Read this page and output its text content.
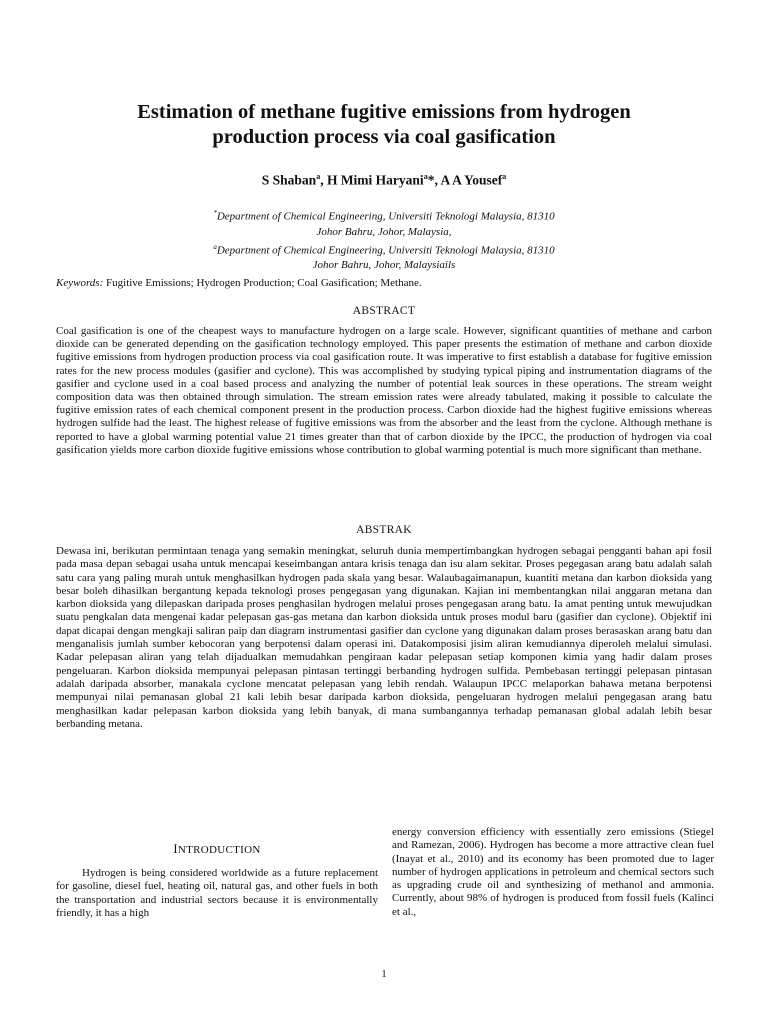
Estimation of methane fugitive emissions from hydrogen
production process via coal gasification
S Shaban$^a$, H Mimi Haryani$^a$*, A A Yousef$^a$
*Department of Chemical Engineering, Universiti Teknologi Malaysia, 81310
Johor Bahru, Johor, Malaysia,
$^a$Department of Chemical Engineering, Universiti Teknologi Malaysia, 81310
Johor Bahru, Johor, Malaysiails
Keywords: Fugitive Emissions; Hydrogen Production; Coal Gasification; Methane.
ABSTRACT

Coal gasification is one of the cheapest ways to manufacture hydrogen on a large scale. However, significant quantities of methane and carbon dioxide can be generated depending on the gasification technology employed. This paper presents the estimation of methane and carbon dioxide fugitive emissions from hydrogen production process via coal gasification route. It was imperative to first establish a database for fugitive emission rates for the new process modules (gasifier and cyclone). This was accomplished by studying typical piping and instrumentation diagrams of the gasifier and cyclone used in a coal based process and analyzing the number of potential leak sources in these operations. The stream weight composition data was then obtained through simulation. The stream emission rates were already tabulated, making it possible to calculate the fugitive emission rates of each chemical component present in the production process. Carbon dioxide had the highest fugitive emissions whereas hydrogen sulfide had the least. The highest release of fugitive emissions was from the absorber and the least from the cyclone. Although methane is reported to have a global warming potential value 21 times greater than that of carbon dioxide by the IPCC, the production of hydrogen via coal gasification yields more carbon dioxide fugitive emissions whose contribution to global warming potential is much more significant than methane.

ABSTRAK

Dewasa ini, berikutan permintaan tenaga yang semakin meningkat, seluruh dunia mempertimbangkan hydrogen sebagai pengganti bahan api fosil pada masa depan sebagai usaha untuk mencapai keseimbangan antara krisis tenaga dan isu alam sekitar. Proses pegegasan arang batu adalah salah satu cara yang paling murah untuk menghasilkan hydrogen pada skala yang besar. Walaubagaimanapun, kuantiti metana dan karbon dioksida yang besar boleh dihasilkan bergantung kepada teknologi proses pengegasan yang digunakan. Kajian ini membentangkan nilai anggaran metana dan karbon dioksida yang dilepaskan daripada proses penghasilan hydrogen melalui proses pengegasan arang batu. Ia amat penting untuk mewujudkan suatu pengkalan data mengenai kadar pelepasan gas-gas metana dan karbon dioksida untuk proses modul baru (gasifier dan cyclone). Objektif ini dapat dicapai dengan mengkaji saliran paip dan diagram instrumentasi gasifier dan cyclone yang digunakan dalam proses berasaskan arang batu dan menganalisis jumlah sumber kebocoran yang berpotensi dalam operasi ini. Datakomposisi jisim aliran kemudiannya diperoleh melalui simulasi. Kadar pelepasan aliran yang telah dijadualkan memudahkan pengiraan kadar pelepasan setiap komponen kimia yang hadir dalam proses pengeluaran. Karbon dioksida mempunyai pelepasan pintasan tertinggi berbanding hydrogen sulfida. Pembebasan tertinggi pelepasan pintasan adalah daripada absorber, manakala cyclone mencatat pelepasan yang lebih rendah. Walaupun IPCC melaporkan bahawa metana berpotensi mempunyai nilai pemanasan global 21 kali lebih besar daripada karbon dioksida, pengeluaran hydrogen melalui pengegasan arang batu menghasilkan kadar pelepasan karbon dioksida yang lebih banyak, di mana sumbangannya terhadap pemanasan global adalah lebih besar berbanding metana.

INTRODUCTION

Hydrogen is being considered worldwide as a future replacement for gasoline, diesel fuel, heating oil, natural gas, and other fuels in both the transportation and industrial sectors because it is environmentally friendly, it has a high

energy conversion efficiency with essentially zero emissions (Stiegel and Ramezan, 2006). Hydrogen has become a more attractive clean fuel (Inayat et al., 2010) and its economy has been promoted due to lager number of hydrogen applications in petroleum and chemical sectors such as upgrading crude oil and synthesizing of methanol and ammonia. Currently, about 98% of hydrogen is produced from fossil fuels (Kalinci et al.,

1
